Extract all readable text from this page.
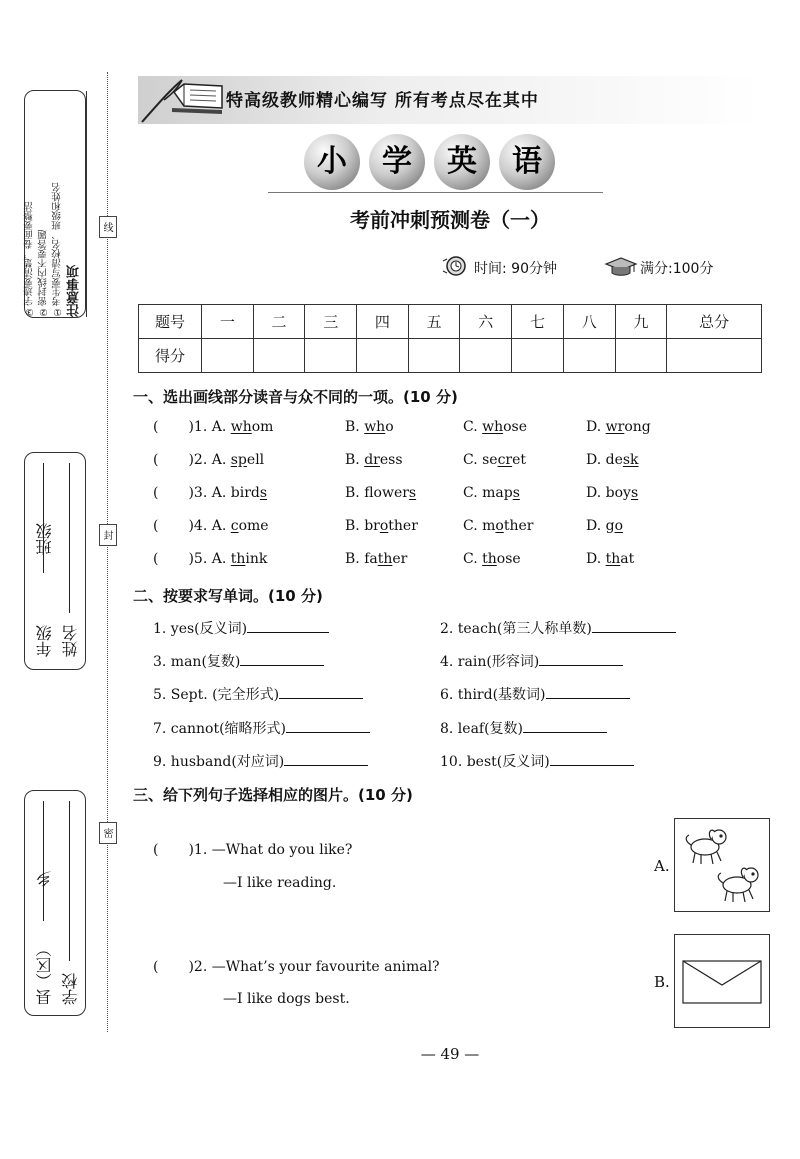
注意事项
①考生要写清校名、班级和姓名
②密封线内不要答题
③字迹要清楚，卷面要整洁
年级
班级
姓名
县（区）
乡
学校
线
封
密
特高级教师精心编写 所有考点尽在其中
小	学	英	语
考前冲刺预测卷（一）
时间: 90分钟	满分:100分
题号	一	二	三	四	五	六	七	八	九	总分
得分										
一、选出画线部分读音与众不同的一项。(10 分)
( )1. A. whom	B. who	C. whose	D. wrong
( )2. A. spell	B. dress	C. secret	D. desk
( )3. A. birds	B. flowers	C. maps	D. boys
( )4. A. come	B. brother	C. mother	D. go
( )5. A. think	B. father	C. those	D. that
二、按要求写单词。(10 分)
1. yes(反义词)	2. teach(第三人称单数)
3. man(复数)	4. rain(形容词)
5. Sept. (完全形式)	6. third(基数词)
7. cannot(缩略形式)	8. leaf(复数)
9. husband(对应词)	10. best(反义词)
三、给下列句子选择相应的图片。(10 分)
( )1. —What do you like?
—I like reading.
( )2. —What’s your favourite animal?
—I like dogs best.
A.
B.
— 49 —
